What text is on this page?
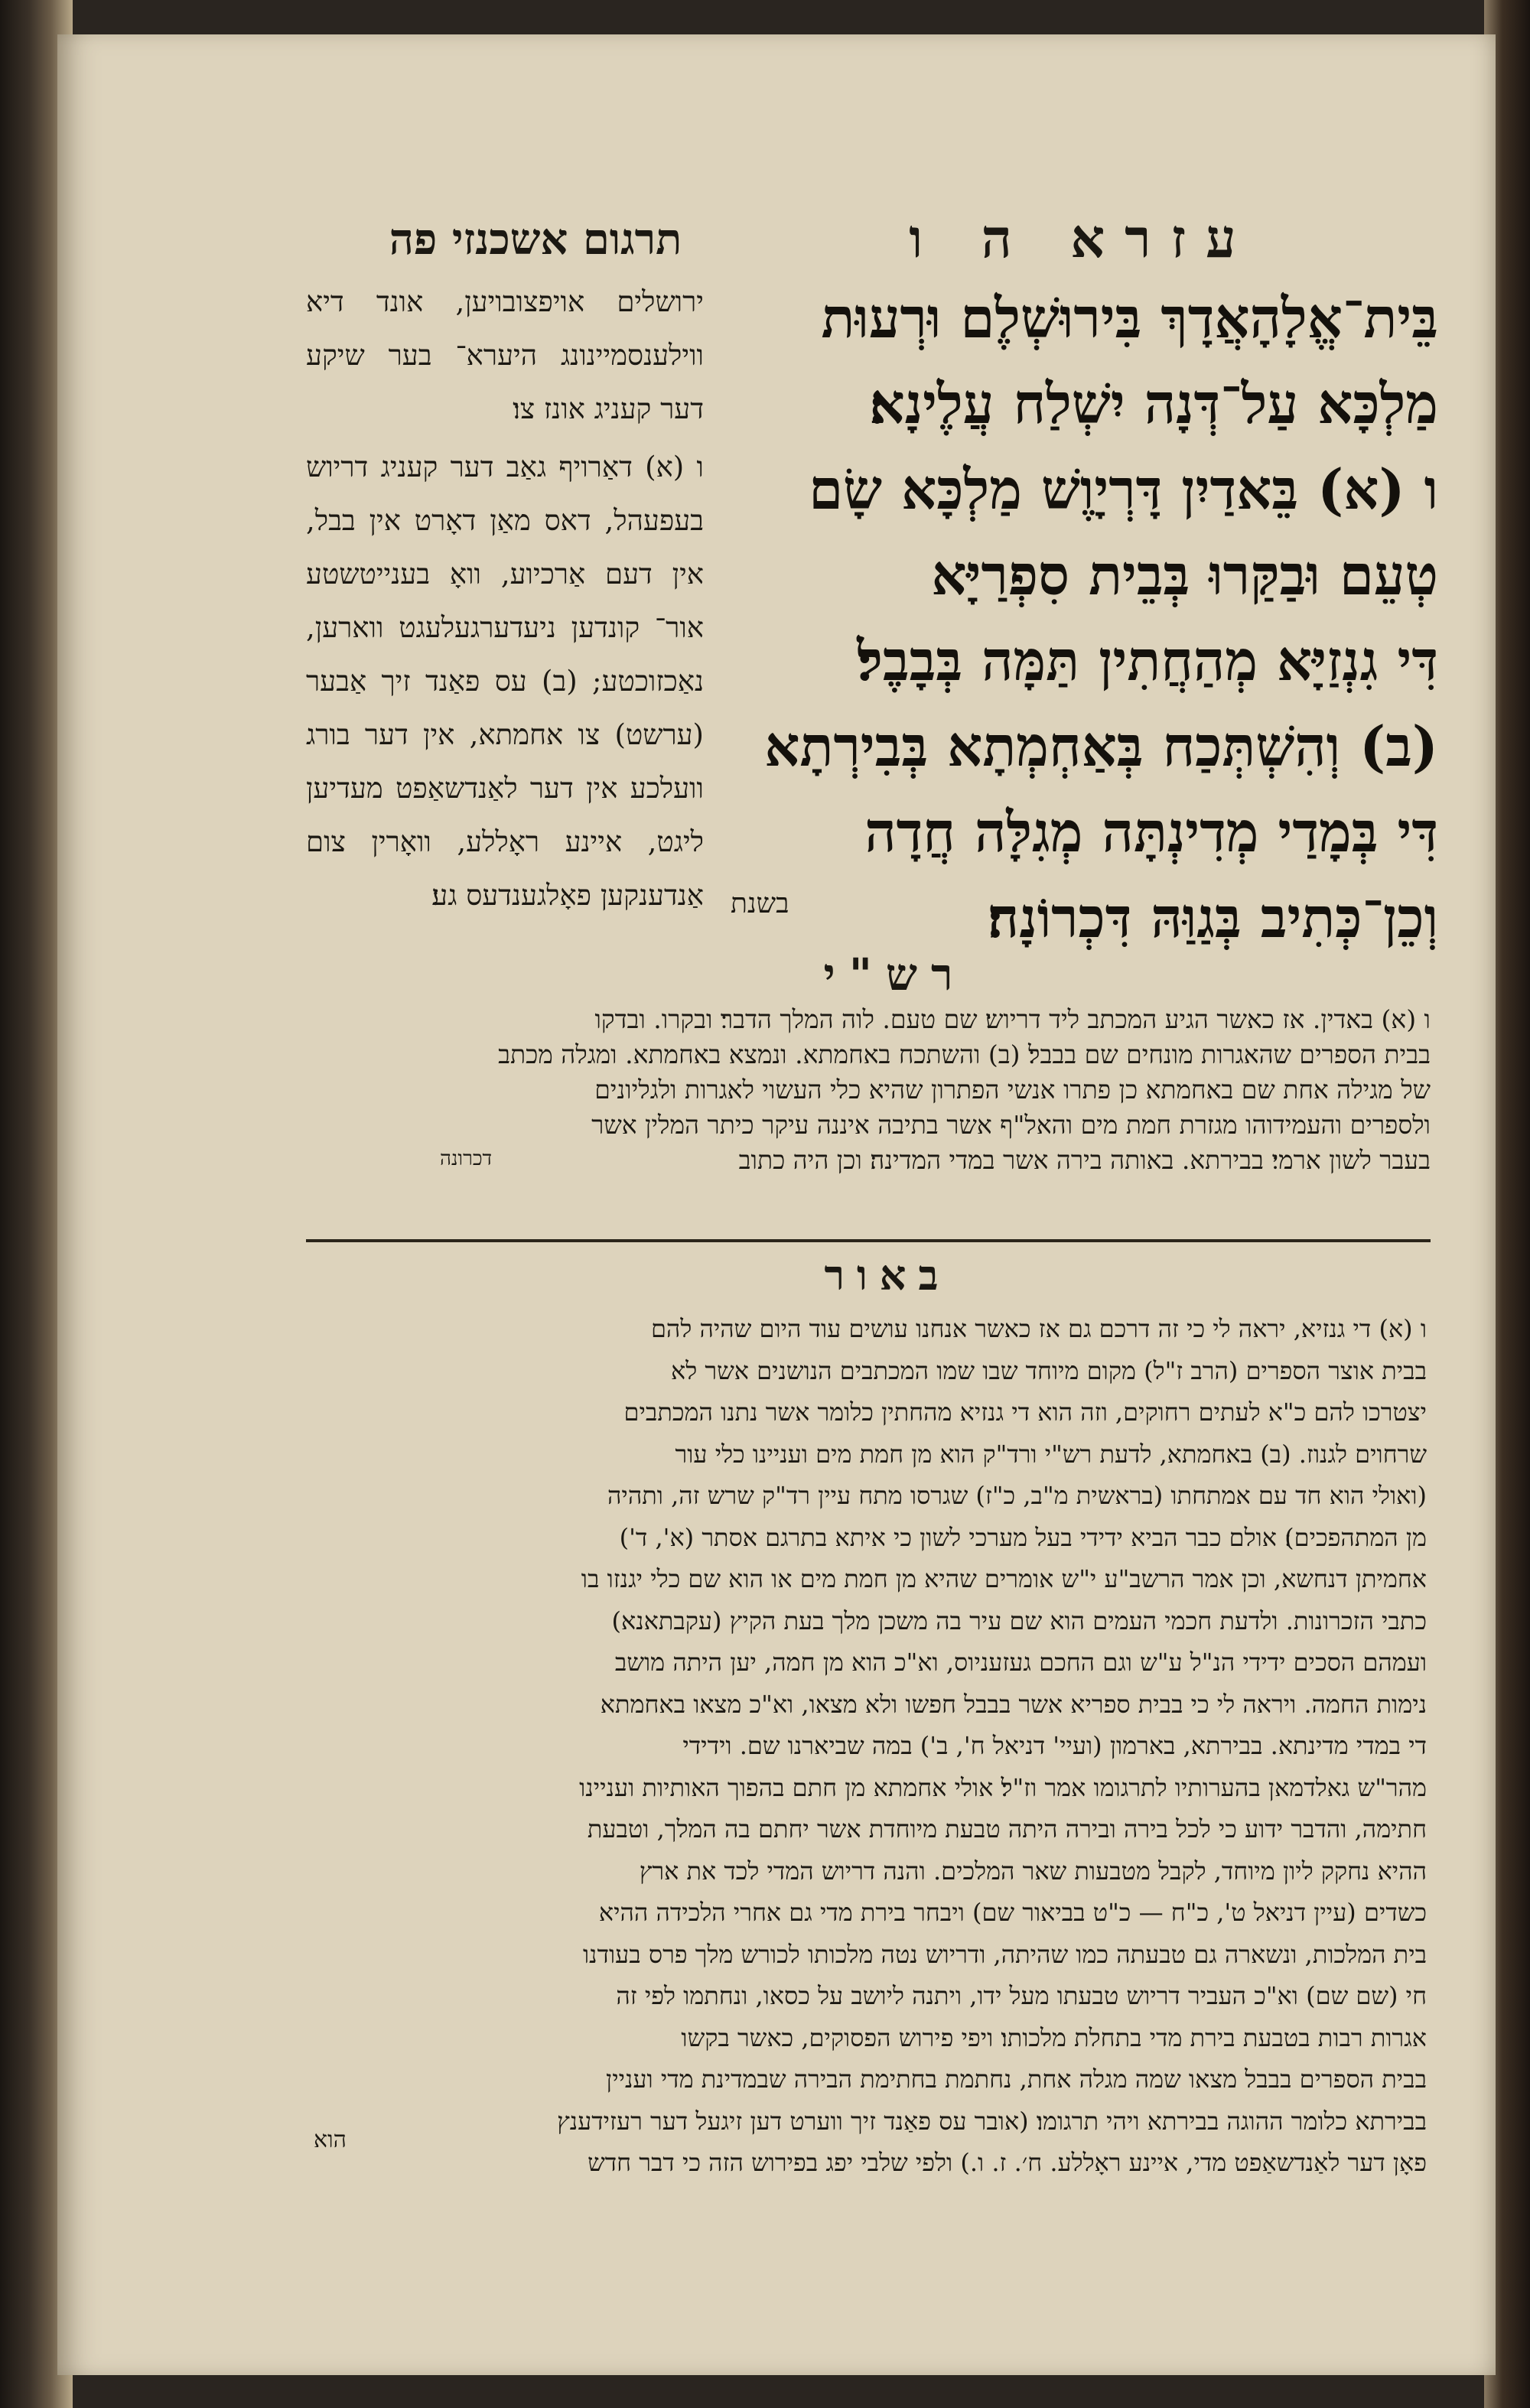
עזרא ה ו
תרגום אשכנזי פה

בֵּית־אֱלָהָאֲדָךְ בִּירוּשְׁלֶם וּרְעוּת

מַלְכָּא עַל־דְּנָה יִשְׁלַח עֲלֶינָא׃

ו (א) בֵּאדַיִן דָּרְיָוֶשׁ מַלְכָּא שָׂם

טְעֵם וּבַקַּרוּ בְּבֵית סִפְרַיָּא

דִּי גִנְזַיָּא מְהַחֲתִין תַּמָּה בְּבָבֶל׃

(ב) וְהִשְׁתְּכַח בְּאַחְמְתָא בְּבִירְתָא

דִּי בְּמָדַי מְדִינְתָּה מְגִלָּה חֲדָה

וְכֵן־כְּתִיב בְּגַוַּהּ דִּכְרוֹנָה׃

בשנת

ירושלים אויפצובויען, אונד דיא ווילענסמיינונג היערא־ בער שיקע דער קעניג אונז צו׃

ו (א) דאַרויף גאַב דער קעניג דריוש בעפעהל, דאס מאַן דאָרט אין בבל, אין דעם אַרכיוע, וואָ בענייטשטע אור־ קונדען ניעדערגעלעגט ווארען, נאַכזוכטע; (ב) עס פאַנד זיך אַבער (ערשט) צו אחמתא, אין דער בורג וועלכע אין דער לאַנדשאַפט מעדיען ליגט, איינע ראָללע, וואָרין צום אַנדענקען פאָלגענדעס גע׃

רש"י
ו (א) באדין. אז כאשר הגיע המכתב ליד דריוש׃ שם טעם. לוה המלך הדבר׃ ובקרו. ובדקו
בבית הספרים שהאגרות מונחים שם בבבל׃ (ב) והשתכח באחמתא. ונמצא באחמתא. ומגלה מכתב
של מגילה אחת שם באחמתא כן פתרו אנשי הפתרון שהיא כלי העשוי לאגרות ולגליונים
ולספרים והעמידוהו מגזרת חמת מים והאל"ף אשר בתיבה איננה עיקר כיתר המלין אשר
בעבר לשון ארמי׃ בבירתא. באותה בירה אשר במדי המדינה׃ וכן היה כתוב
דכרונה
באור
ו (א) די גנזיא, יראה לי כי זה דרכם גם אז כאשר אנחנו עושים עוד היום שהיה להם
בבית אוצר הספרים (הרב ז"ל) מקום מיוחד שבו שמו המכתבים הנושנים אשר לא
יצטרכו להם כ"א לעתים רחוקים, וזה הוא די גנזיא מהחתין כלומר אשר נתנו המכתבים
שרחוים לגנוז. (ב) באחמתא, לדעת רש"י ורד"ק הוא מן חמת מים ועניינו כלי עור
(ואולי הוא חד עם אמתחתו (בראשית מ"ב, כ"ז) שגרסו מתח עיין רד"ק שרש זה, ותהיה
מן המתהפכים)׃ אולם כבר הביא ידידי בעל מערכי לשון כי איתא בתרגם אסתר (א', ד')
אחמיתן דנחשא, וכן אמר הרשב"ע י"ש אומרים שהיא מן חמת מים או הוא שם כלי יגנזו בו
כתבי הזכרונות. ולדעת חכמי העמים הוא שם עיר בה משכן מלך בעת הקיץ (עקבתאנא)
ועמהם הסכים ידידי הנ"ל ע"ש וגם החכם געזעניוס, וא"כ הוא מן חמה, יען היתה מושב
נימות החמה. ויראה לי כי בבית ספריא אשר בבבל חפשו ולא מצאו, וא"כ מצאו באחמתא
די במדי מדינתא. בבירתא, בארמון (ועיי' דניאל ח', ב') במה שביארנו שם. וידידי
מהר"ש גאלדמאן בהערותיו לתרגומו אמר וז"ל׃ אולי אחמתא מן חתם בהפוך האותיות ועניינו
חתימה, והדבר ידוע כי לכל בירה ובירה היתה טבעת מיוחדת אשר יחתם בה המלך, וטבעת
ההיא נחקק ליון מיוחד, לקבל מטבעות שאר המלכים. והנה דריוש המדי לכד את ארץ
כשדים (עיין דניאל ט', כ"ח — כ"ט בביאור שם) ויבחר בירת מדי גם אחרי הלכידה ההיא
בית המלכות, ונשארה גם טבעתה כמו שהיתה, ודריוש נטה מלכותו לכורש מלך פרס בעודנו
חי (שם שם) וא"כ העביר דריוש טבעתו מעל ידו, ויתנה ליושב על כסאו, ונחתמו לפי זה
אגרות רבות בטבעת בירת מדי בתחלת מלכותו׃ ויפי פירוש הפסוקים, כאשר בקשו
בבית הספרים בבבל מצאו שמה מגלה אחת, נחתמת בחתימת הבירה שבמדינת מדי ועניין
בבירתא כלומר ההוגה בבירתא ויהי תרגומו׃ (אובר עס פאַנד זיך ווערט דען זיגעל דער רעזידענץ
פאָן דער לאַנדשאַפט מדי, איינע ראָללע. ח׳. ז. ו.) ולפי שלבי יפג בפירוש הזה כי דבר חדש
הוא
